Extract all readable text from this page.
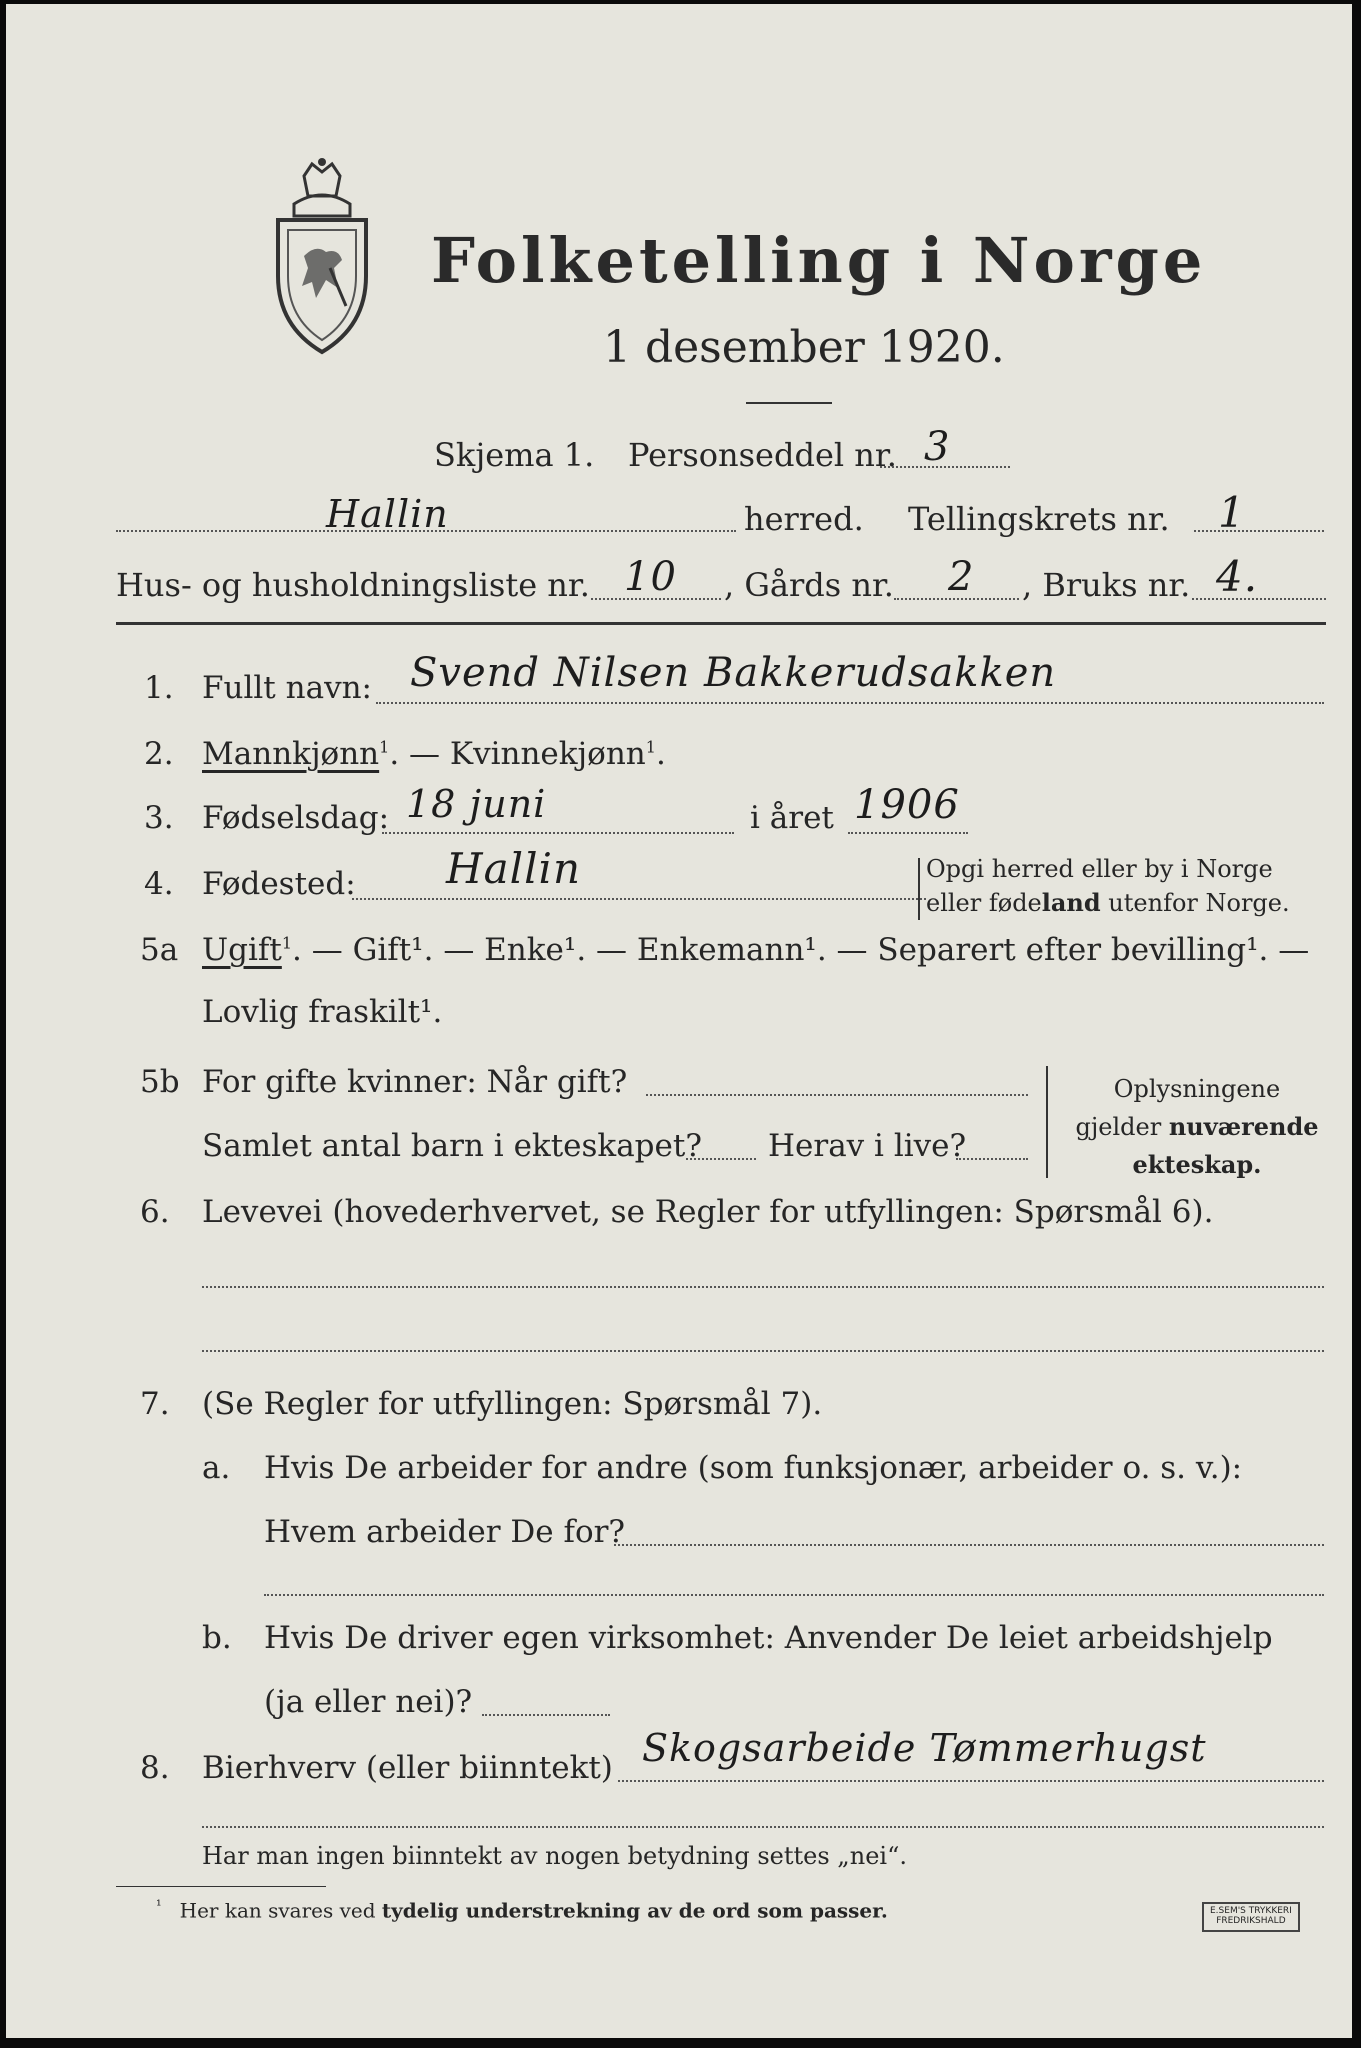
Folketelling i Norge
1 desember 1920.
Skjema 1. Personseddel nr. 3
Hallin	herred. Tellingskrets nr. 1
Hus- og husholdningsliste nr. 10 , Gårds nr. 2 , Bruks nr. 4.
1. Fullt navn: Svend Nilsen Bakkerudsakken
2. Mannkjønn$^1$. — Kvinnekjønn$^1$.
3. Fødselsdag: 18 juni	i året 1906
4. Fødested: Hallin	Opgi herred eller by i Norge
eller fødeland utenfor Norge.
5a Ugift$^1$. — Gift¹. — Enke¹. — Enkemann¹. — Separert efter bevilling¹. —
Lovlig fraskilt¹.
5b For gifte kvinner: Når gift?
Samlet antal barn i ekteskapet? Herav i live?
Oplysningene
gjelder nuværende
ekteskap.
6. Levevei (hovederhvervet, se Regler for utfyllingen: Spørsmål 6).
7. (Se Regler for utfyllingen: Spørsmål 7).
a. Hvis De arbeider for andre (som funksjonær, arbeider o. s. v.):
Hvem arbeider De for?
b. Hvis De driver egen virksomhet: Anvender De leiet arbeidshjelp
(ja eller nei)?
8. Bierhverv (eller biinntekt) Skogsarbeide Tømmerhugst
Har man ingen biinntekt av nogen betydning settes „nei“.
$^{^1}$ Her kan svares ved tydelig understrekning av de ord som passer.	E.SEM'S TRYKKERI
FREDRIKSHALD
